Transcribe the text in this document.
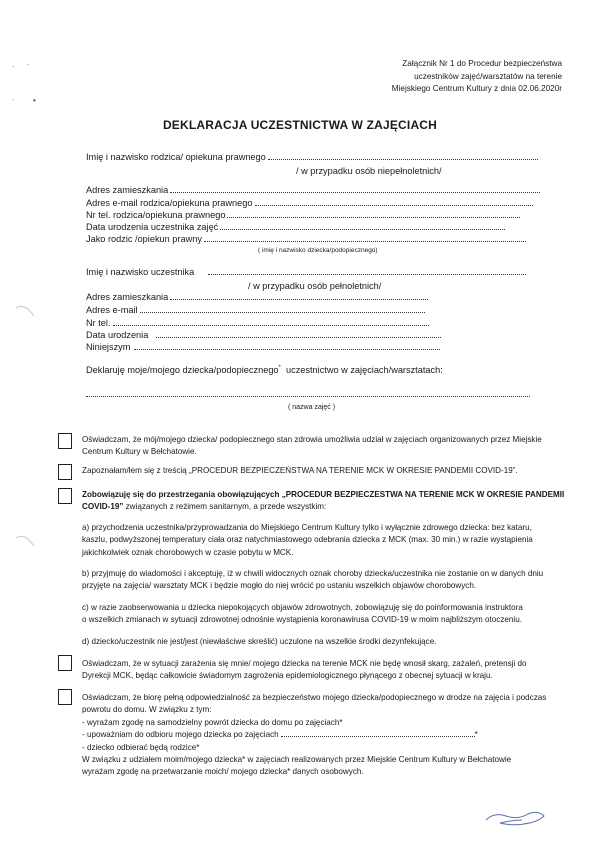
- -
- •
Załącznik Nr 1 do Procedur bezpieczeństwa
uczestników zajęć/warsztatów na terenie
Miejskiego Centrum Kultury z dnia 02.06.2020r
DEKLARACJA UCZESTNICTWA W ZAJĘCIACH
Imię i nazwisko rodzica/ opiekuna prawnego
/ w przypadku osób niepełnoletnich/
Adres zamieszkania
Adres e-mail rodzica/opiekuna prawnego
Nr tel. rodzica/opiekuna prawnego
Data urodzenia uczestnika zajęć
Jako rodzic /opiekun prawny
( imię i nazwisko dziecka/podopiecznego)
Imię i nazwisko uczestnika
/ w przypadku osób pełnoletnich/
Adres zamieszkania
Adres e-mail
Nr tel.
Data urodzenia
Niniejszym
Deklaruję moje/mojego dziecka/podopiecznego* uczestnictwo w zajęciach/warsztatach:
( nazwa zajęć )
Oświadczam, że mój/mojego dziecka/ podopiecznego stan zdrowia umożliwia udział w zajęciach organizowanych przez Miejskie
Centrum Kultury w Bełchatowie.
Zapoznałam/łem się z treścią „PROCEDUR BEZPIECZEŃSTWA NA TERENIE MCK W OKRESIE PANDEMII COVID-19”.
Zobowiązuję się do przestrzegania obowiązujących „PROCEDUR BEZPIECZESTWA NA TERENIE MCK W OKRESIE PANDEMII
COVID-19” związanych z reżimem sanitarnym, a przede wszystkim:
a) przychodzenia uczestnika/przyprowadzania do Miejskiego Centrum Kultury tylko i wyłącznie zdrowego dziecka: bez kataru,
kaszlu, podwyższonej temperatury ciała oraz natychmiastowego odebrania dziecka z MCK (max. 30 min.) w razie wystąpienia
jakichkolwiek oznak chorobowych w czasie pobytu w MCK.
b) przyjmuję do wiadomości i akceptuję, iż w chwili widocznych oznak choroby dziecka/uczestnika nie zostanie on w danych dniu
przyjęte na zajęcia/ warsztaty MCK i będzie mogło do niej wrócić po ustaniu wszelkich objawów chorobowych.
c) w razie zaobserwowania u dziecka niepokojących objawów zdrowotnych, zobowiązuję się do poinformowania instruktora
o wszelkich zmianach w sytuacji zdrowotnej odnośnie wystąpienia koronawirusa COVID-19 w moim najbliższym otoczeniu.
d) dziecko/uczestnik nie jest/jest (niewłaściwe skreślić) uczulone na wszelkie środki dezynfekujące.
Oświadczam, że w sytuacji zarażenia się mnie/ mojego dziecka na terenie MCK nie będę wnosił skarg, zażaleń, pretensji do
Dyrekcji MCK, będąc całkowicie świadomym zagrożenia epidemiologicznego płynącego z obecnej sytuacji w kraju.
Oświadczam, że biorę pełną odpowiedzialność za bezpieczeństwo mojego dziecka/podopiecznego w drodze na zajęcia i podczas
powrotu do domu. W związku z tym:
- wyrażam zgodę na samodzielny powrót dziecka do domu po zajęciach*
- upoważniam do odbioru mojego dziecka po zajęciach	*
- dziecko odbierać będą rodzice*
W związku z udziałem moim/mojego dziecka* w zajęciach realizowanych przez Miejskie Centrum Kultury w Bełchatowie
wyrażam zgodę na przetwarzanie moich/ mojego dziecka* danych osobowych.
